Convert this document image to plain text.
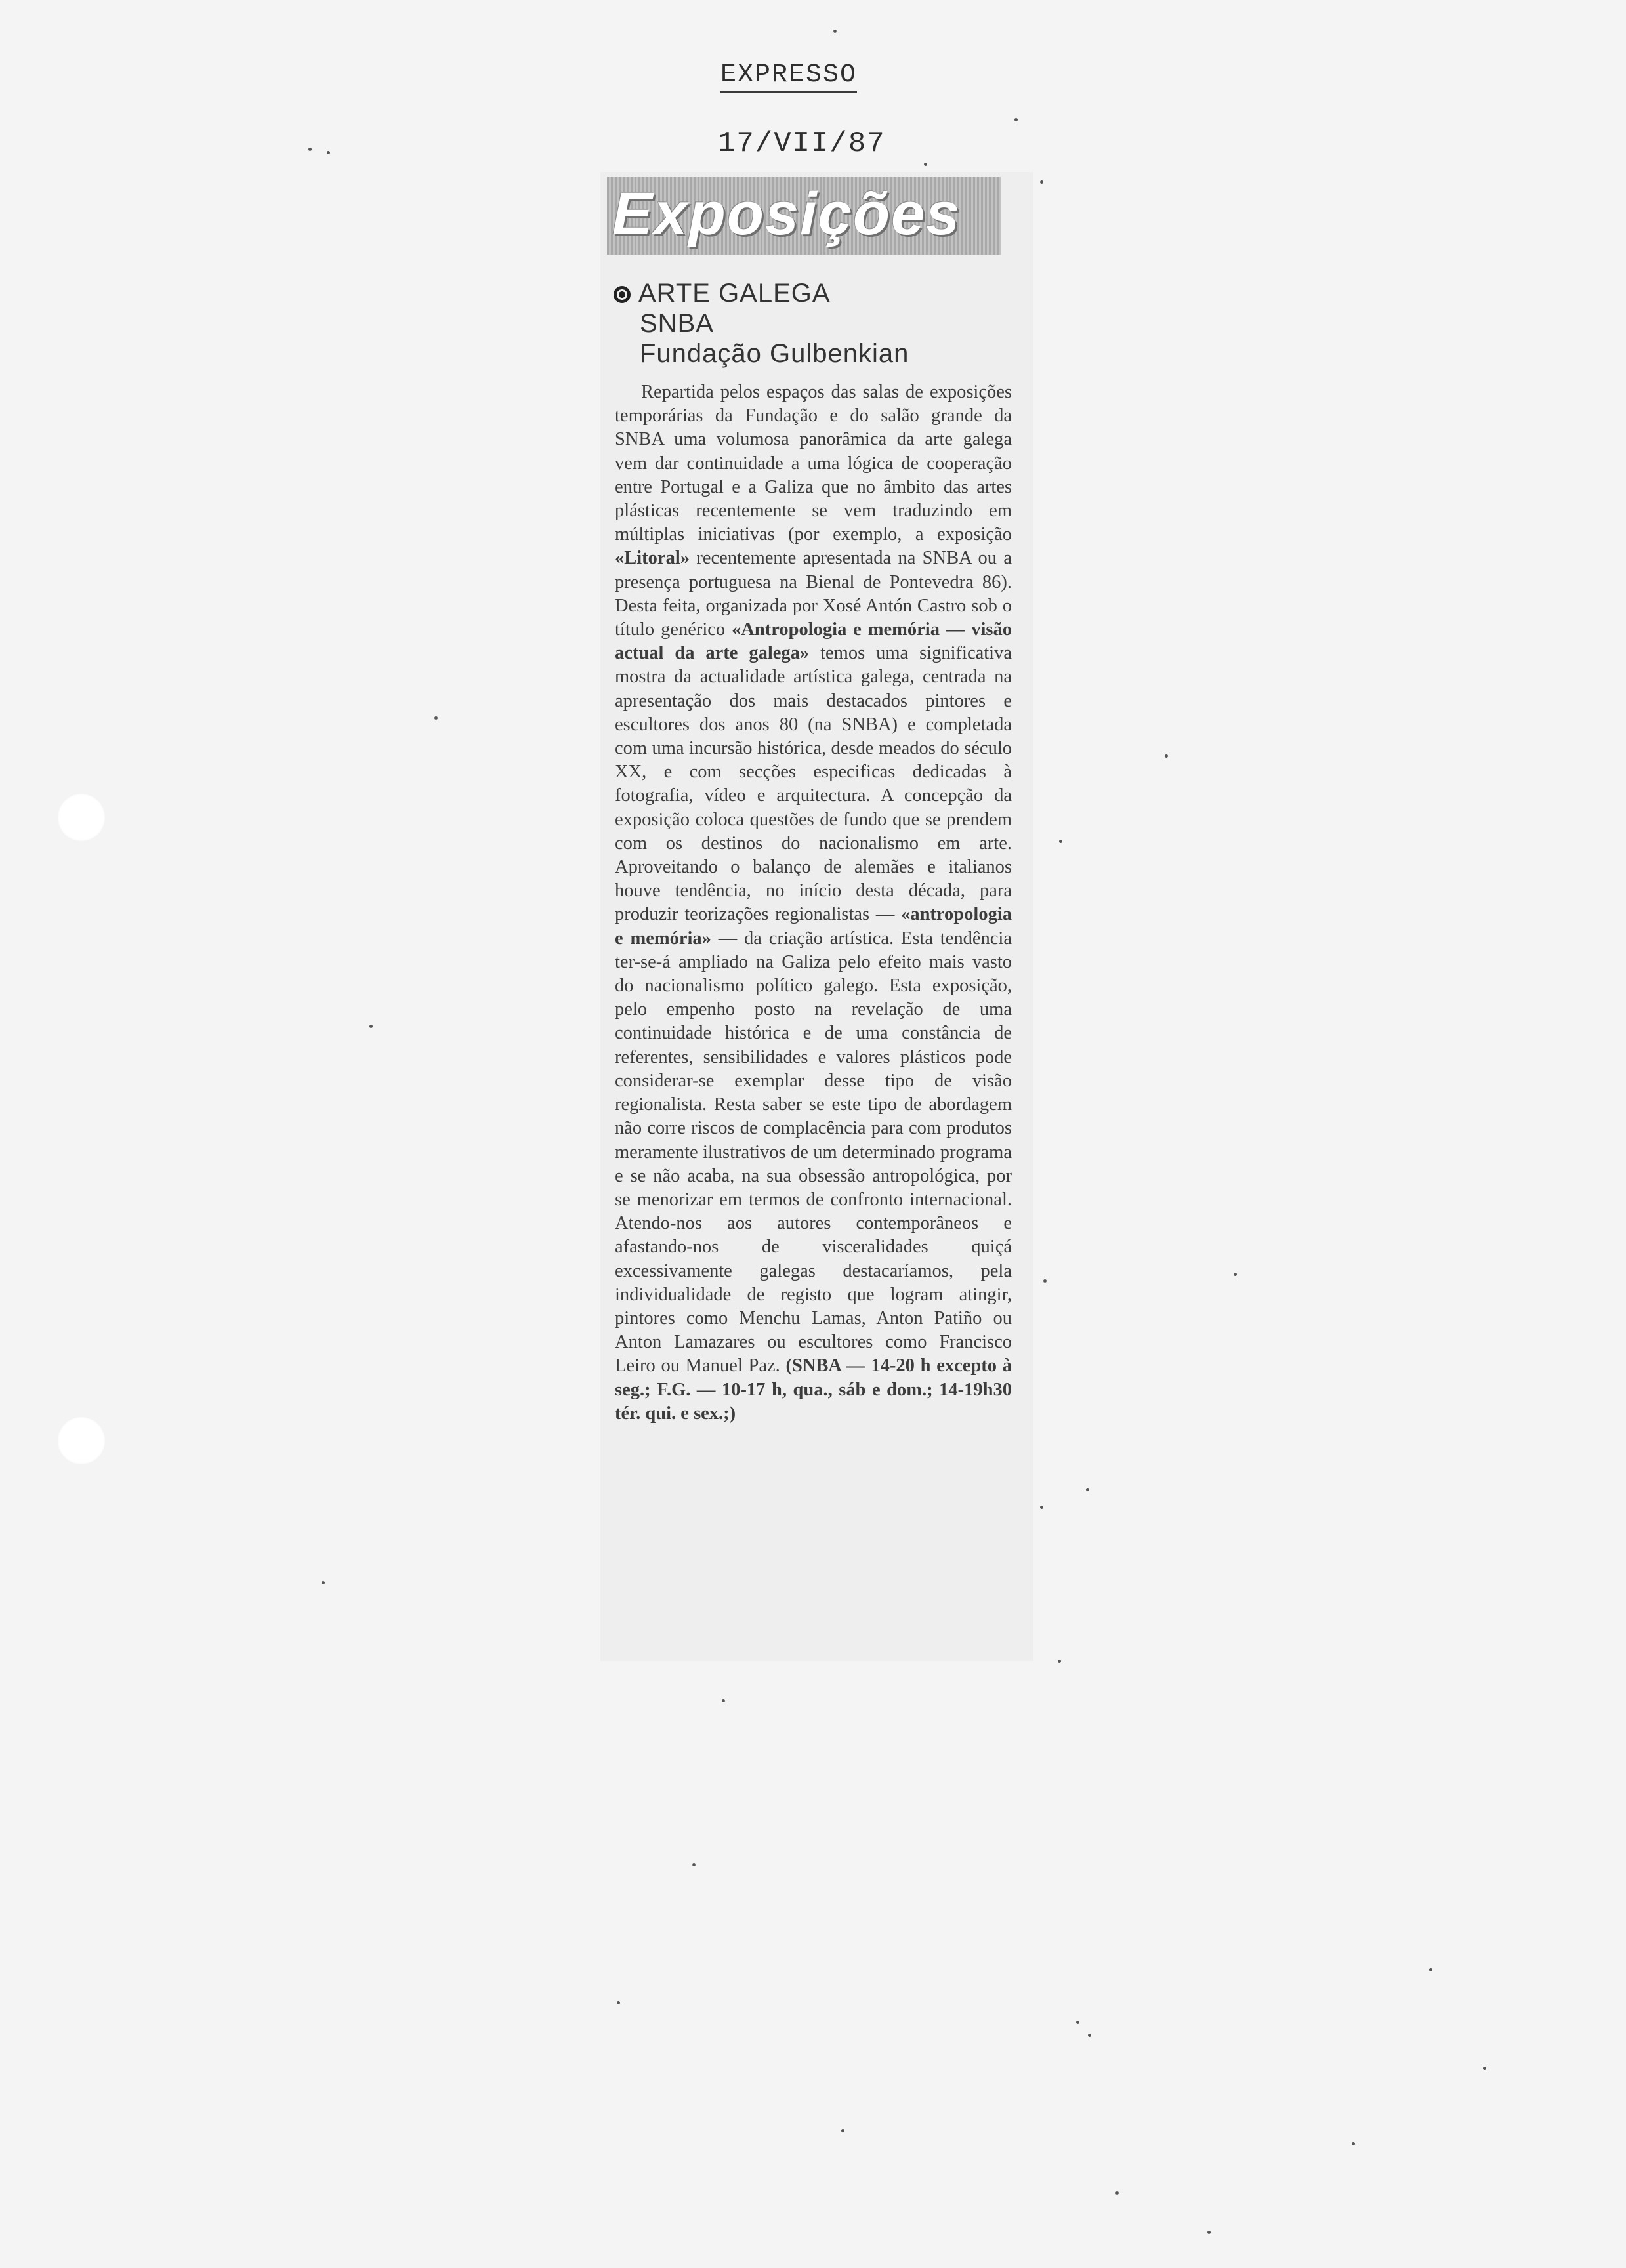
EXPRESSO
17/VII/87
Exposições
ARTE GALEGA
SNBA
Fundação Gulbenkian

Repartida pelos espaços das salas de exposições temporárias da Fundação e do salão grande da SNBA uma volumosa panorâmica da arte galega vem dar continuidade a uma lógica de cooperação entre Portugal e a Galiza que no âmbito das artes plásticas recentemente se vem traduzindo em múltiplas iniciativas (por exemplo, a exposição «Litoral» recentemente apresentada na SNBA ou a presença portuguesa na Bienal de Pontevedra 86). Desta feita, organizada por Xosé Antón Castro sob o título genérico «Antropologia e memória — visão actual da arte galega» temos uma significativa mostra da actualidade artística galega, centrada na apresentação dos mais destacados pintores e escultores dos anos 80 (na SNBA) e completada com uma incursão histórica, desde meados do século XX, e com secções especificas dedicadas à fotografia, vídeo e arquitectura. A concepção da exposição coloca questões de fundo que se prendem com os destinos do nacionalismo em arte. Aproveitando o balanço de alemães e italianos houve tendência, no início desta década, para produzir teorizações regionalistas — «antropologia e memória» — da criação artística. Esta tendência ter-se-á ampliado na Galiza pelo efeito mais vasto do nacionalismo político galego. Esta exposição, pelo empenho posto na revelação de uma continuidade histórica e de uma constância de referentes, sensibilidades e valores plásticos pode considerar-se exemplar desse tipo de visão regionalista. Resta saber se este tipo de abordagem não corre riscos de complacência para com produtos meramente ilustrativos de um determinado programa e se não acaba, na sua obsessão antropológica, por se menorizar em termos de confronto internacional. Atendo-nos aos autores contemporâneos e afastando-nos de visceralidades quiçá excessivamente galegas destacaríamos, pela individualidade de registo que logram atingir, pintores como Menchu Lamas, Anton Patiño ou Anton Lamazares ou escultores como Francisco Leiro ou Manuel Paz. (SNBA — 14-20 h excepto à seg.; F.G. — 10-17 h, qua., sáb e dom.; 14-19h30 tér. qui. e sex.;)
